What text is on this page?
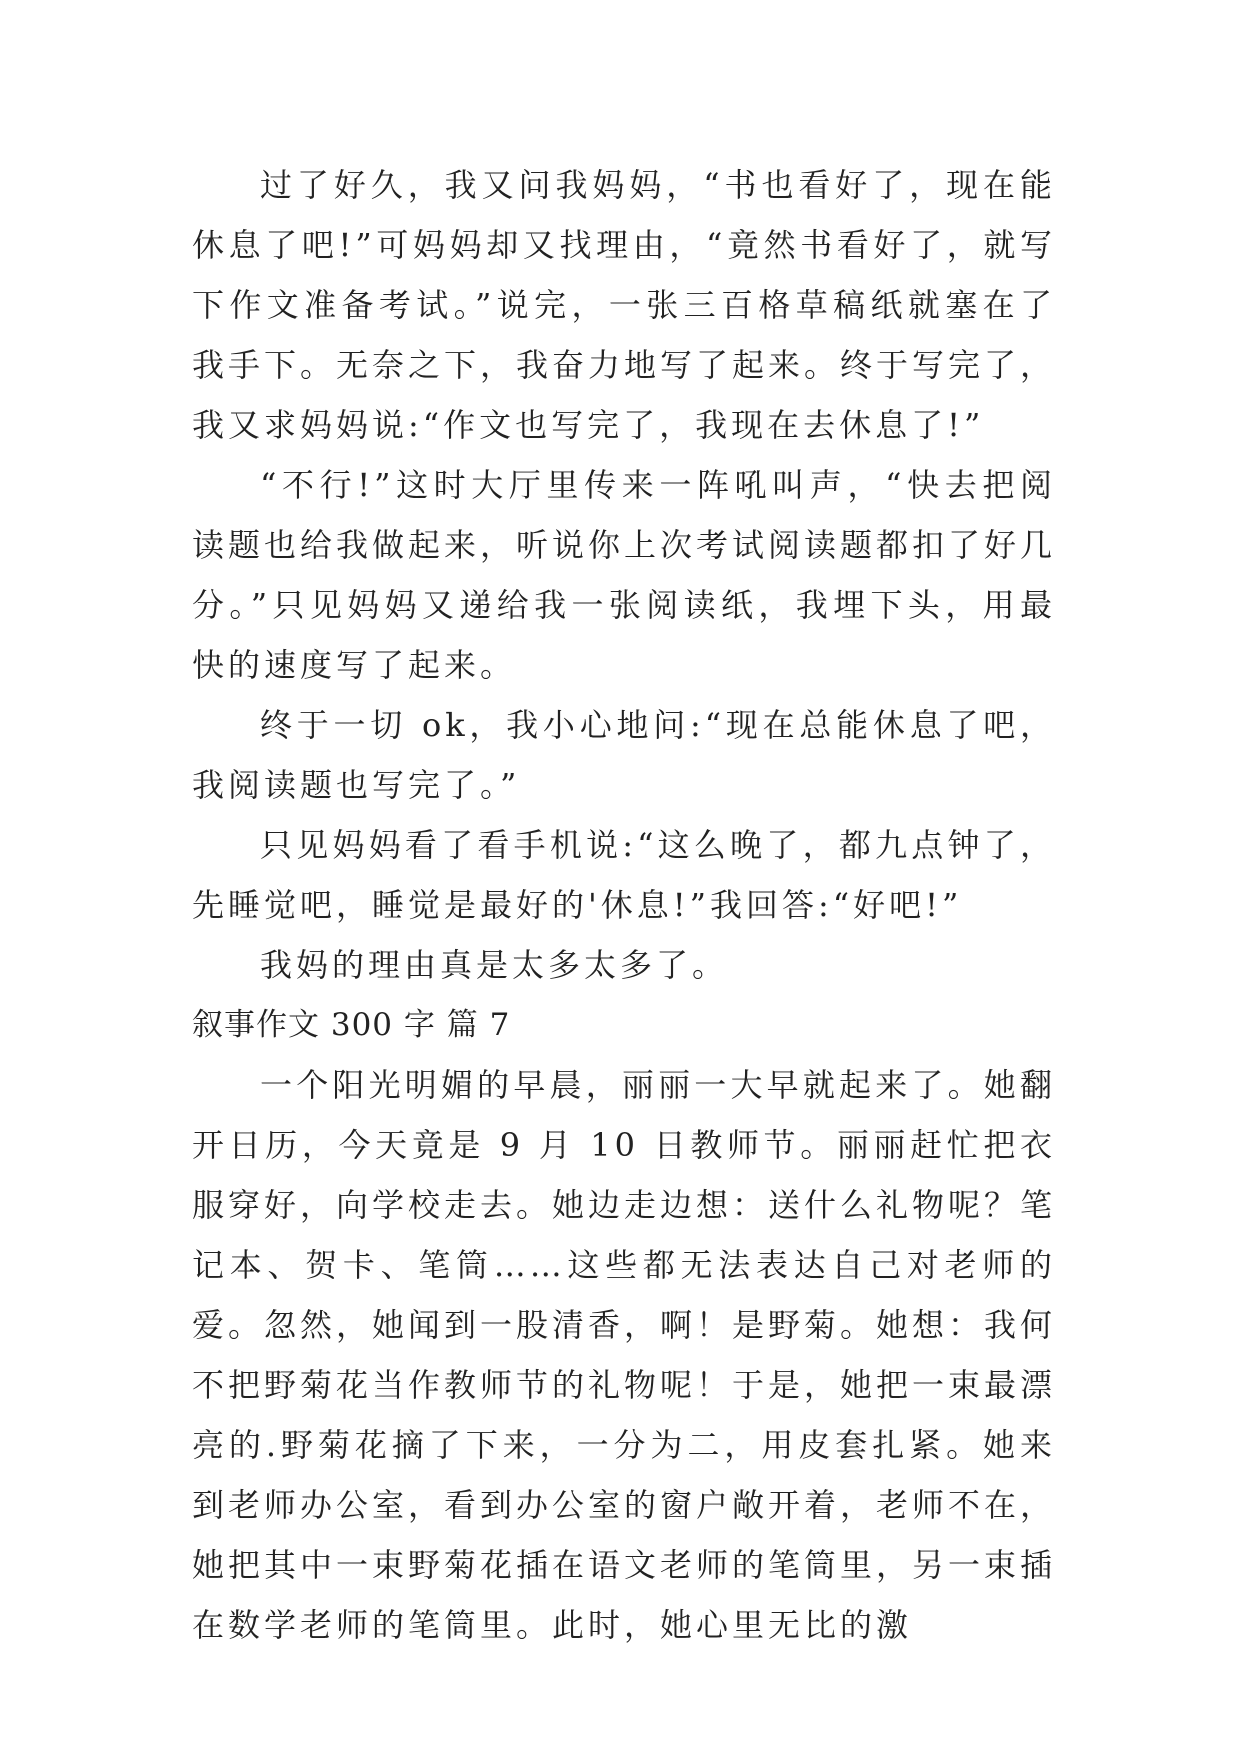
过了好久，我又问我妈妈，“书也看好了，现在能休息了吧!”可妈妈却又找理由，“竟然书看好了，就写下作文准备考试。”说完，一张三百格草稿纸就塞在了我手下。无奈之下，我奋力地写了起来。终于写完了，我又求妈妈说:“作文也写完了，我现在去休息了!”

“不行!”这时大厅里传来一阵吼叫声，“快去把阅读题也给我做起来，听说你上次考试阅读题都扣了好几分。”只见妈妈又递给我一张阅读纸，我埋下头，用最快的速度写了起来。

终于一切 ok，我小心地问:“现在总能休息了吧，我阅读题也写完了。”

只见妈妈看了看手机说:“这么晚了，都九点钟了，先睡觉吧，睡觉是最好的'休息!”我回答:“好吧!”

我妈的理由真是太多太多了。

叙事作文 300 字 篇 7

一个阳光明媚的早晨，丽丽一大早就起来了。她翻开日历，今天竟是 9 月 10 日教师节。丽丽赶忙把衣服穿好，向学校走去。她边走边想：送什么礼物呢？笔记本、贺卡、笔筒……这些都无法表达自己对老师的爱。忽然，她闻到一股清香，啊！是野菊。她想：我何不把野菊花当作教师节的礼物呢！于是，她把一束最漂亮的.野菊花摘了下来，一分为二，用皮套扎紧。她来到老师办公室，看到办公室的窗户敞开着，老师不在，她把其中一束野菊花插在语文老师的笔筒里，另一束插在数学老师的笔筒里。此时，她心里无比的激
